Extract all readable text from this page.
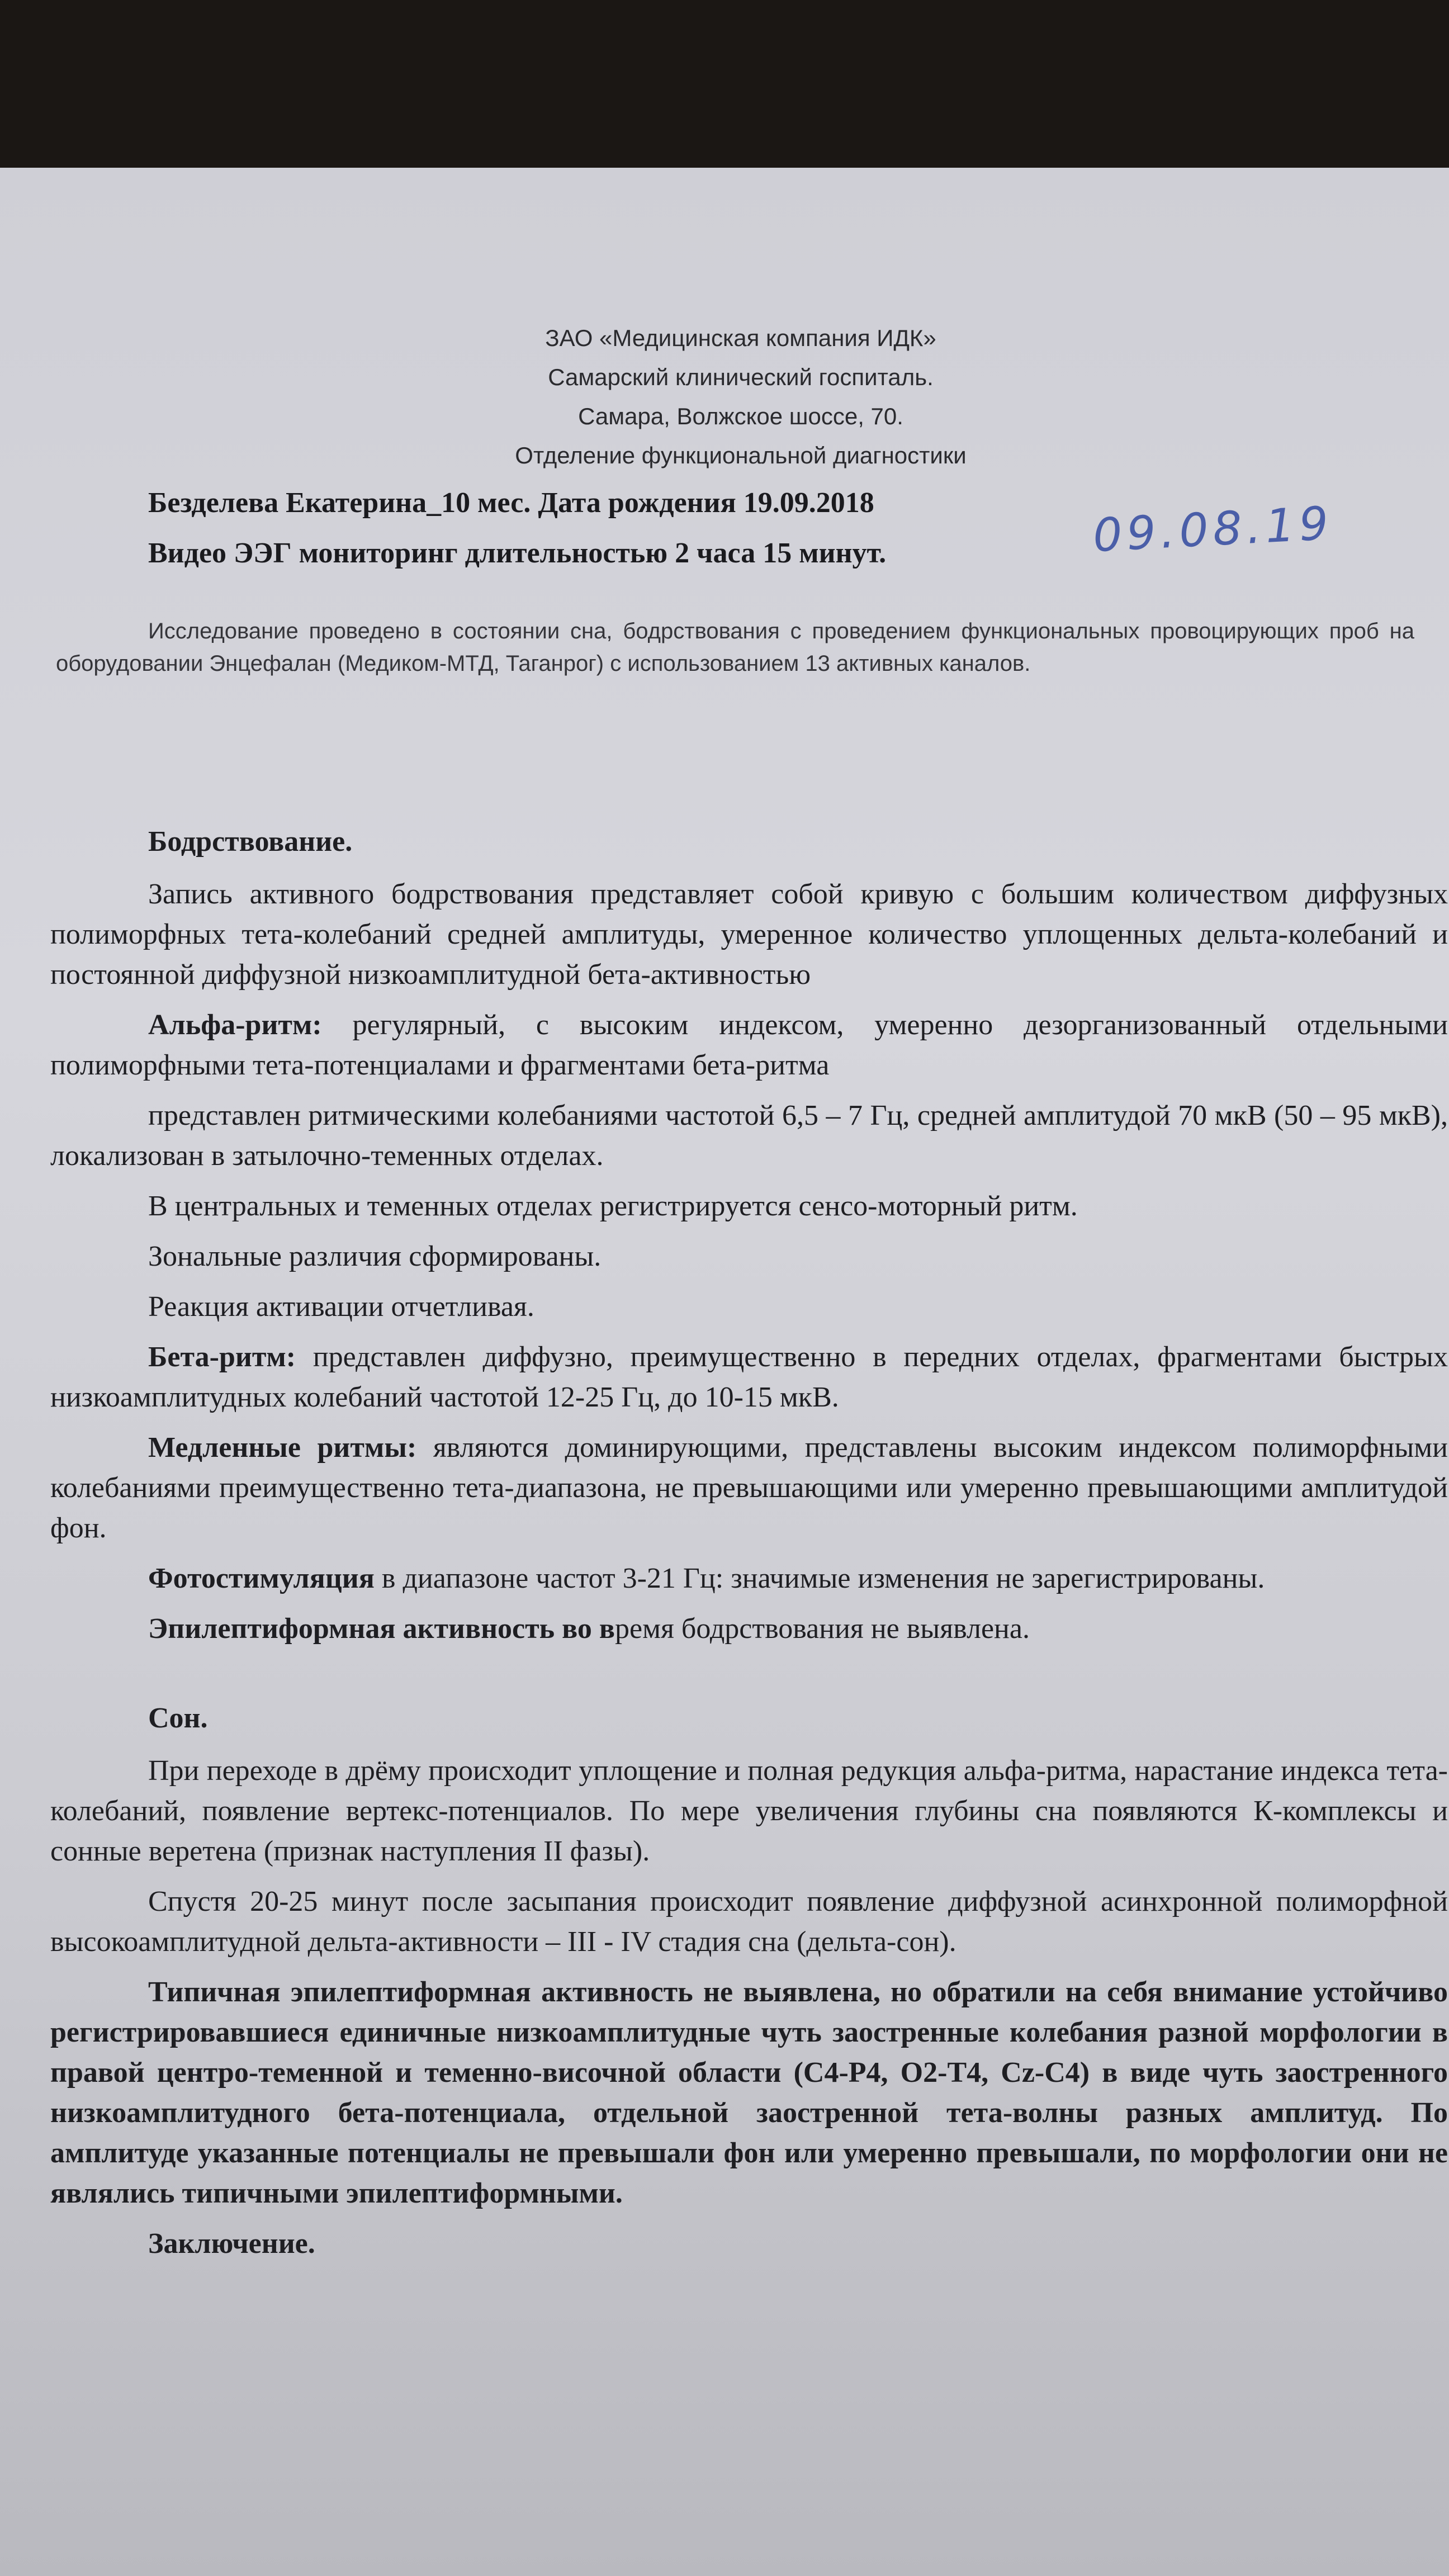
ЗАО «Медицинская компания ИДК»
Самарский клинический госпиталь.
Самара, Волжское шоссе, 70.
Отделение функциональной диагностики
Безделева Екатерина_10 мес. Дата рождения 19.09.2018
Видео ЭЭГ мониторинг длительностью 2 часа 15 минут.	09.08.19
Исследование проведено в состоянии сна, бодрствования с проведением функциональных провоцирующих проб на оборудовании Энцефалан (Медиком-МТД, Таганрог) с использованием 13 активных каналов.

Бодрствование.

Запись активного бодрствования представляет собой кривую с большим количеством диффузных полиморфных тета-колебаний средней амплитуды, умеренное количество уплощенных дельта-колебаний и постоянной диффузной низкоамплитудной бета-активностью

Альфа-ритм: регулярный, с высоким индексом, умеренно дезорганизованный отдельными полиморфными тета-потенциалами и фрагментами бета-ритма

представлен ритмическими колебаниями частотой 6,5 – 7 Гц, средней амплитудой 70 мкВ (50 – 95 мкВ), локализован в затылочно-теменных отделах.

В центральных и теменных отделах регистрируется сенсо-моторный ритм.

Зональные различия сформированы.

Реакция активации отчетливая.

Бета-ритм: представлен диффузно, преимущественно в передних отделах, фрагментами быстрых низкоамплитудных колебаний частотой 12-25 Гц, до 10-15 мкВ.

Медленные ритмы: являются доминирующими, представлены высоким индексом полиморфными колебаниями преимущественно тета-диапазона, не превышающими или умеренно превышающими амплитудой фон.

Фотостимуляция в диапазоне частот 3-21 Гц: значимые изменения не зарегистрированы.

Эпилептиформная активность во время бодрствования не выявлена.

Сон.

При переходе в дрёму происходит уплощение и полная редукция альфа-ритма, нарастание индекса тета-колебаний, появление вертекс-потенциалов. По мере увеличения глубины сна появляются К-комплексы и сонные веретена (признак наступления II фазы).

Спустя 20-25 минут после засыпания происходит появление диффузной асинхронной полиморфной высокоамплитудной дельта-активности – III - IV стадия сна (дельта-сон).

Типичная эпилептиформная активность не выявлена, но обратили на себя внимание устойчиво регистрировавшиеся единичные низкоамплитудные чуть заостренные колебания разной морфологии в правой центро-теменной и теменно-височной области (С4-Р4, О2-Т4, Cz-C4) в виде чуть заостренного низкоамплитудного бета-потенциала, отдельной заостренной тета-волны разных амплитуд. По амплитуде указанные потенциалы не превышали фон или умеренно превышали, по морфологии они не являлись типичными эпилептиформными.

Заключение.
